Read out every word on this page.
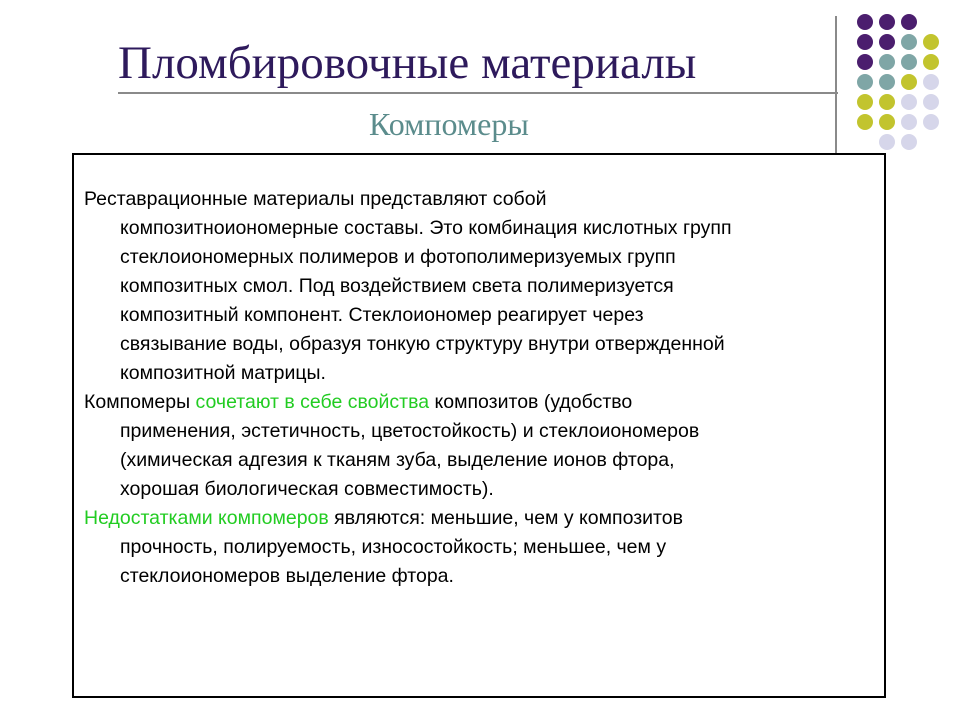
Пломбировочные материалы
Компомеры
Реставрационные материалы представляют собой
композитноиономерные составы. Это комбинация кислотных групп
стеклоиономерных полимеров и фотополимеризуемых групп
композитных смол. Под воздействием света полимеризуется
композитный компонент. Стеклоиономер реагирует через
связывание воды, образуя тонкую структуру внутри отвержденной
композитной матрицы.
Компомеры сочетают в себе свойства композитов (удобство
применения, эстетичность, цветостойкость) и стеклоиономеров
(химическая адгезия к тканям зуба, выделение ионов фтора,
хорошая биологическая совместимость).
Недостатками компомеров являются: меньшие, чем у композитов
прочность, полируемость, износостойкость; меньшее, чем у
стеклоиономеров выделение фтора.
